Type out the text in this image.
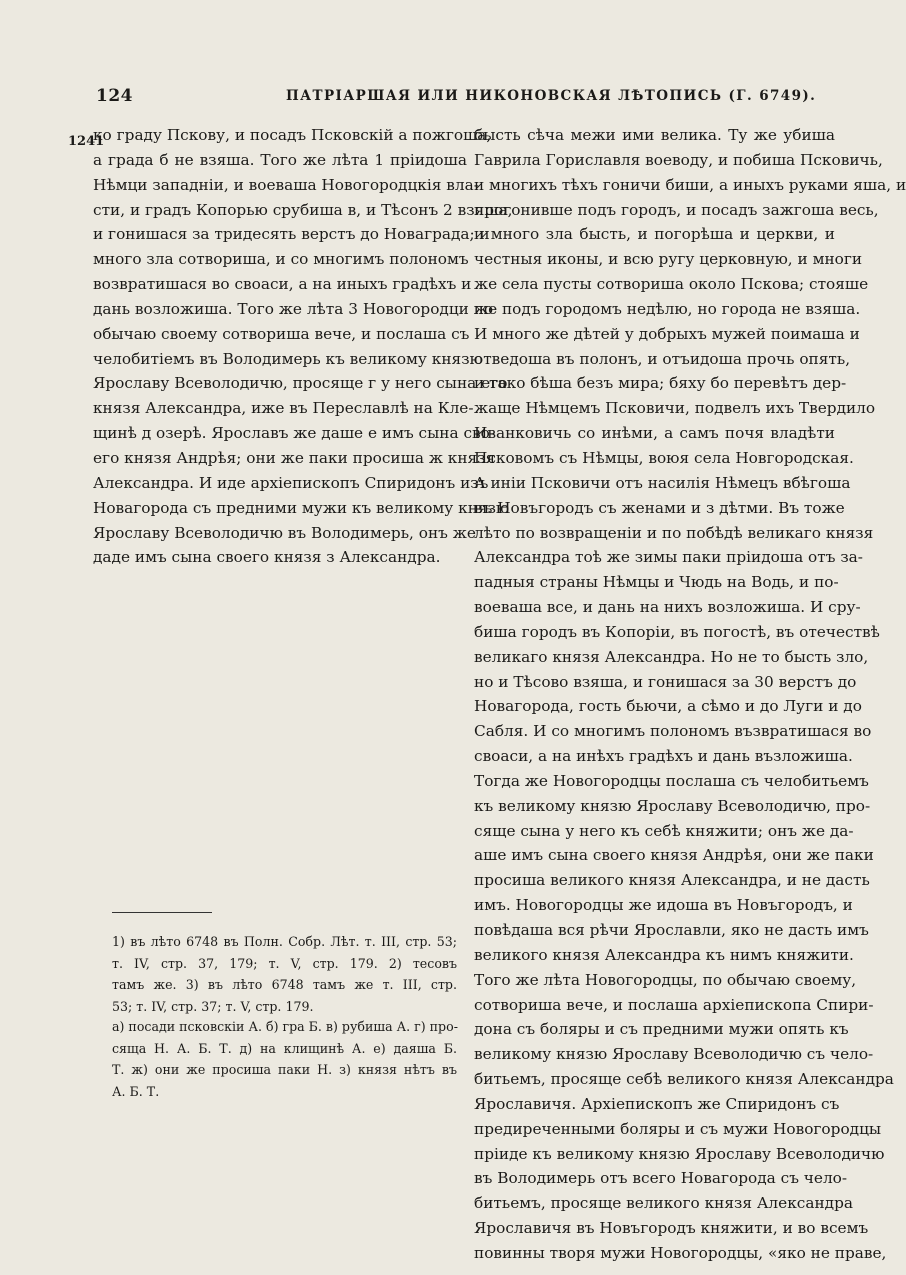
124	ПАТРІАРШАЯ ИЛИ НИКОНОВСКАЯ ЛѢТОПИСЬ (Г. 6749).
1241
ко граду Пскову, и посадъ Псковскій а пожгоша,
а града б не взяша. Того же лѣта 1 пріидоша
Нѣмци западніи, и воеваша Новогородцкія вла-
сти, и градъ Копорью срубиша в, и Тѣсонъ 2 взяша,
и гонишася за тридесять верстъ до Новаграда; и
много зла сотвориша, и со многимъ полономъ
возвратишася во своаси, а на иныхъ градѣхъ и
дань возложиша. Того же лѣта 3 Новогородци по
обычаю своему сотвориша вече, и послаша съ
челобитіемъ въ Володимерь къ великому князю
Ярославу Всеволодичю, просяще г у него сына его
князя Александра, иже въ Переславлѣ на Кле-
щинѣ д озерѣ. Ярославъ же даше е имъ сына сво-
его князя Андрѣя; они же паки просиша ж князя
Александра. И иде архіепископъ Спиридонъ изъ
Новагорода съ предними мужи къ великому князю
Ярославу Всеволодичю въ Володимерь, онъ же
даде имъ сына своего князя з Александра.
бысть сѣча межи ими велика. Ту же убиша
Гаврила Гориславля воеводу, и побиша Псковичь,
и многихъ тѣхъ гоничи биши, а иныхъ руками яша, и
прогонивше подъ городъ, и посадъ зажгоша весь,
и много зла бысть, и погорѣша и церкви, и
честныя иконы, и всю ругу церковную, и многи
же села пусты сотвориша около Пскова; стояше
же подъ городомъ недѣлю, но города не взяша.
И много же дѣтей у добрыхъ мужей поимаша и
отведоша въ полонъ, и отъидоша прочь опять,
и тако бѣша безъ мира; бяху бо перевѣтъ дер-
жаще Нѣмцемъ Псковичи, подвелъ ихъ Твердило
Иванковичь со инѣми, а самъ почя владѣти
Псковомъ съ Нѣмцы, воюя села Новгородская.
А иніи Псковичи отъ насилія Нѣмецъ вбѣгоша
въ Новъгородъ съ женами и з дѣтми. Въ тоже
лѣто по возвращеніи и по побѣдѣ великаго князя
Александра тоѣ же зимы паки пріидоша отъ за-
падныя страны Нѣмцы и Чюдь на Водь, и по-
воеваша все, и дань на нихъ возложиша. И сру-
биша городъ въ Копоріи, въ погостѣ, въ отечествѣ
великаго князя Александра. Но не то бысть зло,
но и Тѣсово взяша, и гонишася за 30 верстъ до
Новагорода, гость бьючи, а сѣмо и до Луги и до
Сабля. И со многимъ полономъ възвратишася во
своаси, а на инѣхъ градѣхъ и дань възложиша.
Тогда же Новогородцы послаша съ челобитьемъ
къ великому князю Ярославу Всеволодичю, про-
сяще сына у него къ себѣ княжити; онъ же да-
аше имъ сына своего князя Андрѣя, они же паки
просиша великого князя Александра, и не дасть
имъ. Новогородцы же идоша въ Новъгородъ, и
повѣдаша вся рѣчи Ярославли, яко не дасть имъ
великого князя Александра къ нимъ княжити.
Того же лѣта Новогородцы, по обычаю своему,
сотвориша вече, и послаша архіепископа Спири-
дона съ боляры и съ предними мужи опять къ
великому князю Ярославу Всеволодичю съ чело-
битьемъ, просяще себѣ великого князя Александра
Ярославичя. Архіепископъ же Спиридонъ съ
предиреченными боляры и съ мужи Новогородцы
пріиде къ великому князю Ярославу Всеволодичю
въ Володимерь отъ всего Новагорода съ чело-
битьемъ, просяще великого князя Александра
Ярославичя въ Новъгородъ княжити, и во всемъ
повинны творя мужи Новогородцы, «яко не праве,
1) въ лѣто 6748 въ Полн. Собр. Лѣт. т. III, стр. 53;
т. IV, стр. 37, 179; т. V, стр. 179. 2) тесовъ
тамъ же. 3) въ лѣто 6748 тамъ же т. III, стр.
53; т. IV, стр. 37; т. V, стр. 179.
а) посади псковскіи А. б) гра Б. в) рубиша А. г) про-
сяща Н. А. Б. Т. д) на клищинѣ А. е) даяша Б.
Т. ж) они же просиша паки Н. з) князя нѣтъ въ
А. Б. Т.
